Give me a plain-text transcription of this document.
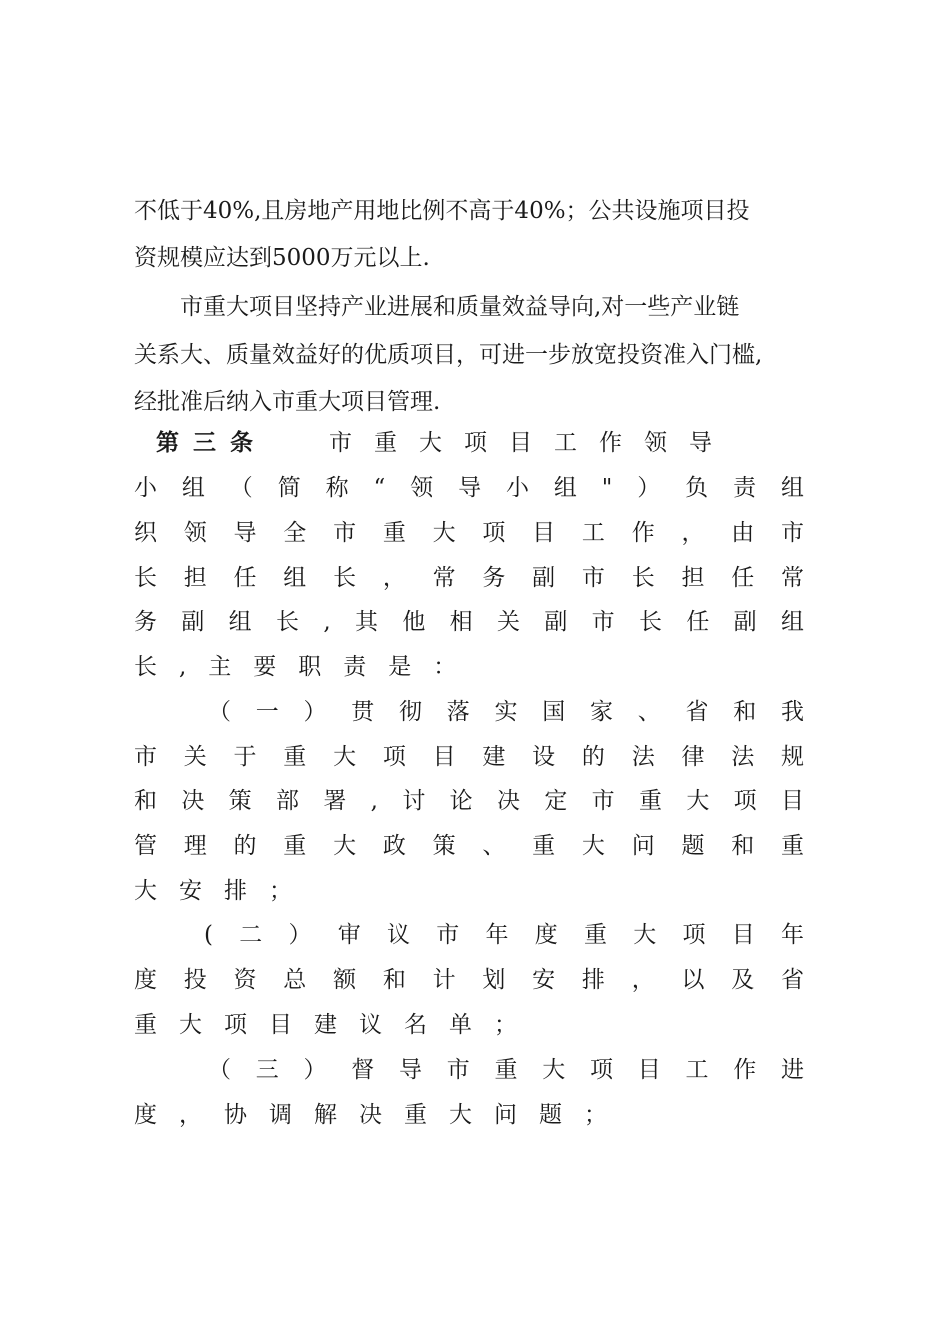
不低于40%,且房地产用地比例不高于40%；公共设施项目投
资规模应达到5000万元以上.
市重大项目坚持产业进展和质量效益导向,对一些产业链
关系大、质量效益好的优质项目，可进一步放宽投资准入门槛,
经批准后纳入市重大项目管理.
第三条	市重大项目工作领导
小组（简称“领导小组"）负责组
织领导全市重大项目工作，由市
长担任组长，常务副市长担任常
务副组长,其他相关副市长任副组
长,主要职责是：
（一）贯彻落实国家、省和我
市关于重大项目建设的法律法规
和决策部署,讨论决定市重大项目
管理的重大政策、重大问题和重
大安排；
(二）审议市年度重大项目年
度投资总额和计划安排，以及省
重大项目建议名单；
（三）督导市重大项目工作进
度，协调解决重大问题；
